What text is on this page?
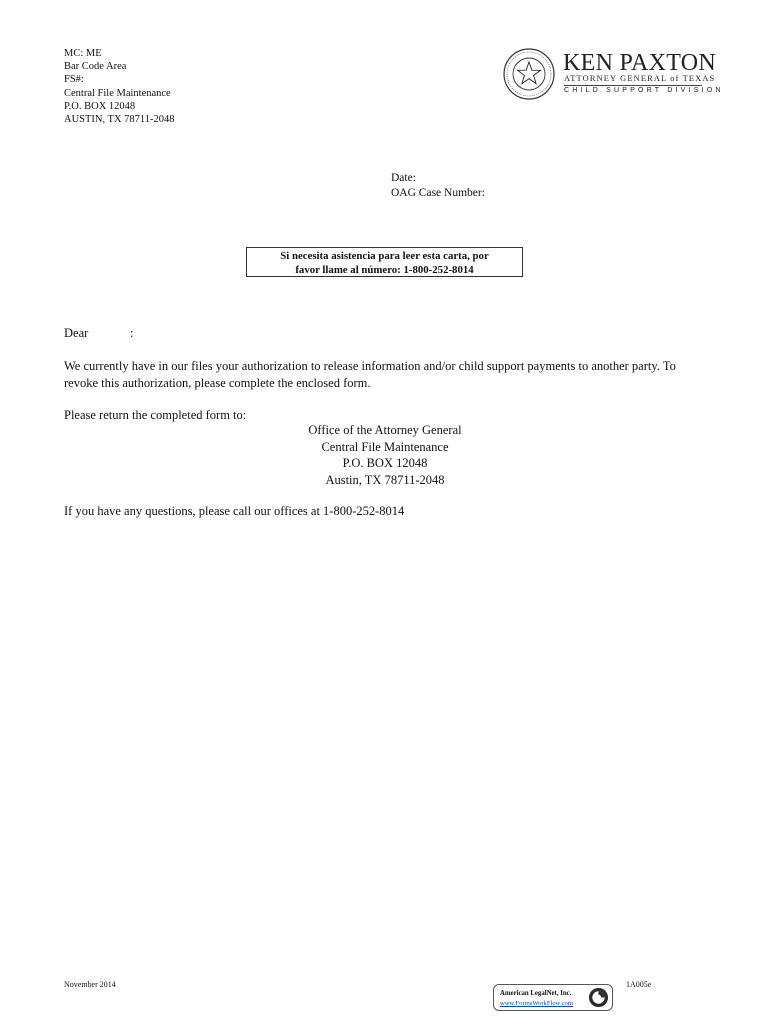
MC: ME
Bar Code Area
FS#:
Central File Maintenance
P.O. BOX 12048
AUSTIN, TX 78711-2048
KEN PAXTON
ATTORNEY GENERAL of TEXAS
CHILD SUPPORT DIVISION
Date:
OAG Case Number:
Si necesita asistencia para leer esta carta, por
favor llame al número: 1-800-252-8014
Dear	:
We currently have in our files your authorization to release information and/or child support payments to another party. To revoke this authorization, please complete the enclosed form.
Please return the completed form to:
Office of the Attorney General
Central File Maintenance
P.O. BOX 12048
Austin, TX 78711-2048
If you have any questions, please call our offices at 1-800-252-8014
November 2014	1A005e
American LegalNet, Inc.
www.FormsWorkFlow.com
